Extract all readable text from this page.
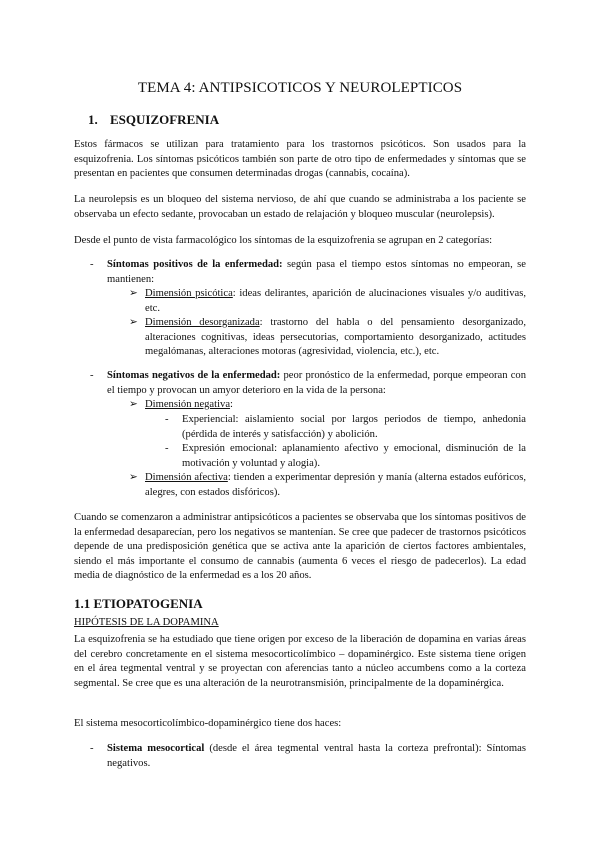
TEMA 4: ANTIPSICOTICOS Y NEUROLEPTICOS
1. ESQUIZOFRENIA

Estos fármacos se utilizan para tratamiento para los trastornos psicóticos. Son usados para la esquizofrenia. Los síntomas psicóticos también son parte de otro tipo de enfermedades y síntomas que se presentan en pacientes que consumen determinadas drogas (cannabis, cocaína).

La neurolepsis es un bloqueo del sistema nervioso, de ahí que cuando se administraba a los paciente se observaba un efecto sedante, provocaban un estado de relajación y bloqueo muscular (neurolepsis).

Desde el punto de vista farmacológico los síntomas de la esquizofrenia se agrupan en 2 categorías:

- Síntomas positivos de la enfermedad: según pasa el tiempo estos síntomas no empeoran, se mantienen:

➢ Dimensión psicótica: ideas delirantes, aparición de alucinaciones visuales y/o auditivas, etc.

➢ Dimensión desorganizada: trastorno del habla o del pensamiento desorganizado, alteraciones cognitivas, ideas persecutorias, comportamiento desorganizado, actitudes megalómanas, alteraciones motoras (agresividad, violencia, etc.), etc.

- Síntomas negativos de la enfermedad: peor pronóstico de la enfermedad, porque empeoran con el tiempo y provocan un amyor deterioro en la vida de la persona:

➢ Dimensión negativa:

- Experiencial: aislamiento social por largos periodos de tiempo, anhedonia (pérdida de interés y satisfacción) y abolición.

- Expresión emocional: aplanamiento afectivo y emocional, disminución de la motivación y voluntad y alogia).

➢ Dimensión afectiva: tienden a experimentar depresión y manía (alterna estados eufóricos, alegres, con estados disfóricos).

Cuando se comenzaron a administrar antipsicóticos a pacientes se observaba que los síntomas positivos de la enfermedad desaparecían, pero los negativos se mantenían. Se cree que padecer de trastornos psicóticos depende de una predisposición genética que se activa ante la aparición de ciertos factores ambientales, siendo el más importante el consumo de cannabis (aumenta 6 veces el riesgo de padecerlos). La edad media de diagnóstico de la enfermedad es a los 20 años.

1.1 ETIOPATOGENIA
HIPÓTESIS DE LA DOPAMINA

La esquizofrenia se ha estudiado que tiene origen por exceso de la liberación de dopamina en varias áreas del cerebro concretamente en el sistema mesocorticolímbico – dopaminérgico. Este sistema tiene origen en el área tegmental ventral y se proyectan con aferencias tanto a núcleo accumbens como a la corteza segmental. Se cree que es una alteración de la neurotransmisión, principalmente de la dopaminérgica.

El sistema mesocorticolímbico-dopaminérgico tiene dos haces:

- Sistema mesocortical (desde el área tegmental ventral hasta la corteza prefrontal): Síntomas negativos.
